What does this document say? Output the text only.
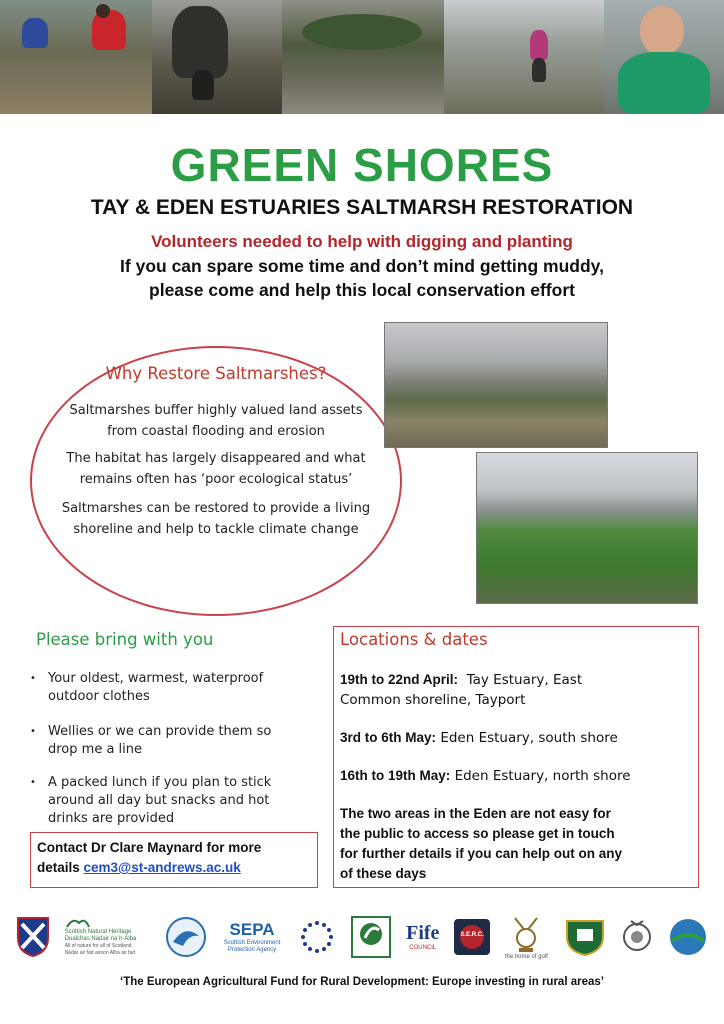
GREEN SHORES
TAY & EDEN ESTUARIES SALTMARSH RESTORATION
Volunteers needed to help with digging and planting
If you can spare some time and don’t mind getting muddy,
please come and help this local conservation effort
Why Restore Saltmarshes?
Saltmarshes buffer highly valued land assets
from coastal flooding and erosion
The habitat has largely disappeared and what
remains often has ‘poor ecological status’
Saltmarshes can be restored to provide a living
shoreline and help to tackle climate change
Please bring with you
• Your oldest, warmest, waterproof
outdoor clothes
• Wellies or we can provide them so
drop me a line
• A packed lunch if you plan to stick
around all day but snacks and hot
drinks are provided
Contact Dr Clare Maynard for more
details cem3@st-andrews.ac.uk
Locations & dates
19th to 22nd April: Tay Estuary, East
Common shoreline, Tayport
3rd to 6th May: Eden Estuary, south shore
16th to 19th May: Eden Estuary, north shore
The two areas in the Eden are not easy for
the public to access so please get in touch
for further details if you can help out on any
of these days
Scottish Natural Heritage
Dualchas Nàdair na h-Alba
All of nature for all of Scotland
Nàdar air fad airson Alba air fad
SEPA
Scottish Environment Protection Agency
Fife
COUNCIL
S.E.R.C.
the home of golf
‘The European Agricultural Fund for Rural Development: Europe investing in rural areas’
